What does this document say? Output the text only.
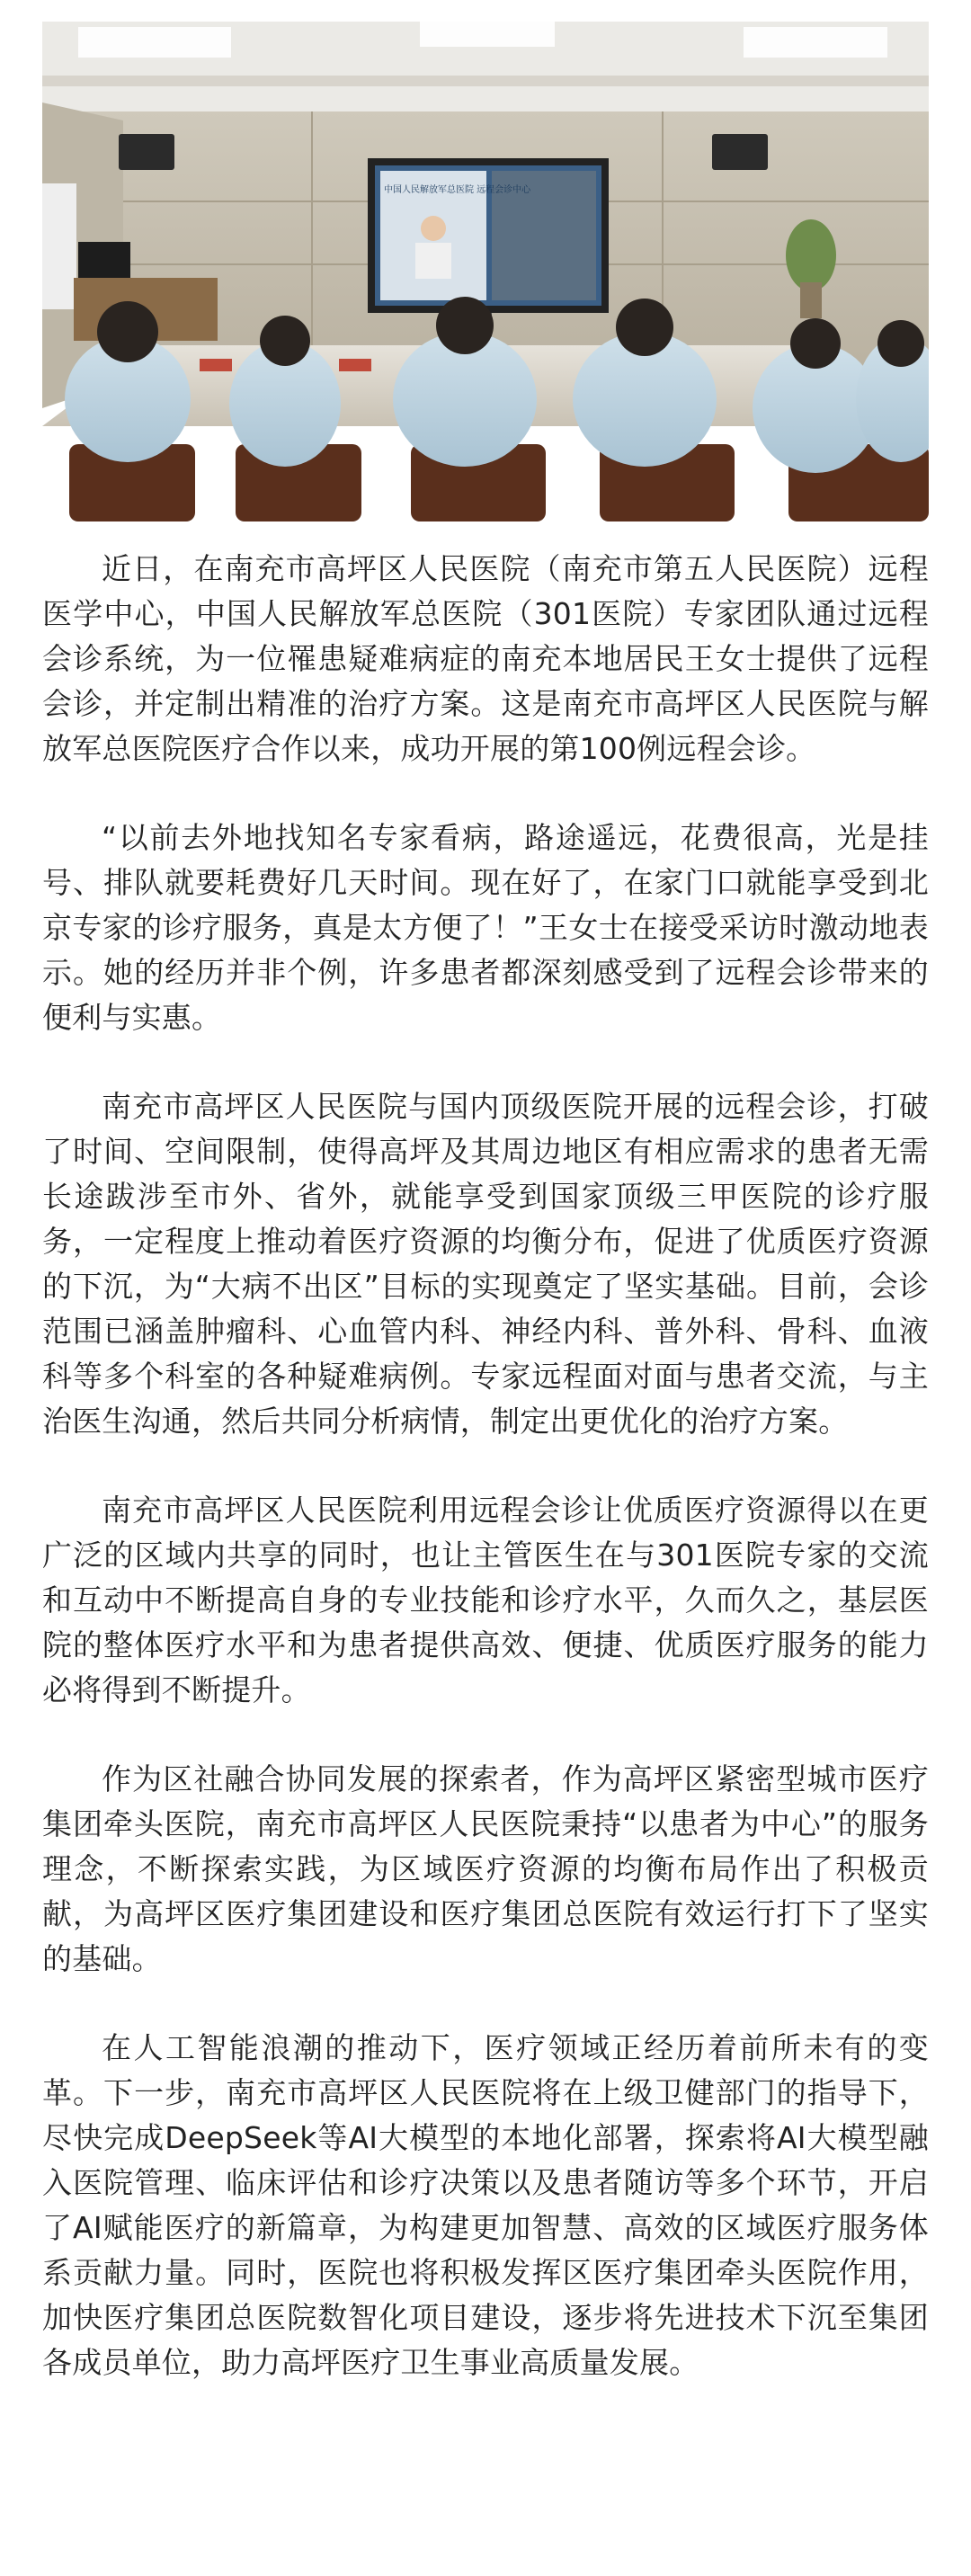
中国人民解放军总医院 远程会诊中心

近日，在南充市高坪区人民医院（南充市第五人民医院）远程医学中心，中国人民解放军总医院（301医院）专家团队通过远程会诊系统，为一位罹患疑难病症的南充本地居民王女士提供了远程会诊，并定制出精准的治疗方案。这是南充市高坪区人民医院与解放军总医院医疗合作以来，成功开展的第100例远程会诊。

“以前去外地找知名专家看病，路途遥远，花费很高，光是挂号、排队就要耗费好几天时间。现在好了，在家门口就能享受到北京专家的诊疗服务，真是太方便了！”王女士在接受采访时激动地表示。她的经历并非个例，许多患者都深刻感受到了远程会诊带来的便利与实惠。

南充市高坪区人民医院与国内顶级医院开展的远程会诊，打破了时间、空间限制，使得高坪及其周边地区有相应需求的患者无需长途跋涉至市外、省外，就能享受到国家顶级三甲医院的诊疗服务，一定程度上推动着医疗资源的均衡分布，促进了优质医疗资源的下沉，为“大病不出区”目标的实现奠定了坚实基础。目前，会诊范围已涵盖肿瘤科、心血管内科、神经内科、普外科、骨科、血液科等多个科室的各种疑难病例。专家远程面对面与患者交流，与主治医生沟通，然后共同分析病情，制定出更优化的治疗方案。

南充市高坪区人民医院利用远程会诊让优质医疗资源得以在更广泛的区域内共享的同时，也让主管医生在与301医院专家的交流和互动中不断提高自身的专业技能和诊疗水平，久而久之，基层医院的整体医疗水平和为患者提供高效、便捷、优质医疗服务的能力必将得到不断提升。

作为区社融合协同发展的探索者，作为高坪区紧密型城市医疗集团牵头医院，南充市高坪区人民医院秉持“以患者为中心”的服务理念，不断探索实践，为区域医疗资源的均衡布局作出了积极贡献，为高坪区医疗集团建设和医疗集团总医院有效运行打下了坚实的基础。

在人工智能浪潮的推动下，医疗领域正经历着前所未有的变革。下一步，南充市高坪区人民医院将在上级卫健部门的指导下，尽快完成DeepSeek等AI大模型的本地化部署，探索将AI大模型融入医院管理、临床评估和诊疗决策以及患者随访等多个环节，开启了AI赋能医疗的新篇章，为构建更加智慧、高效的区域医疗服务体系贡献力量。同时，医院也将积极发挥区医疗集团牵头医院作用，加快医疗集团总医院数智化项目建设，逐步将先进技术下沉至集团各成员单位，助力高坪医疗卫生事业高质量发展。
